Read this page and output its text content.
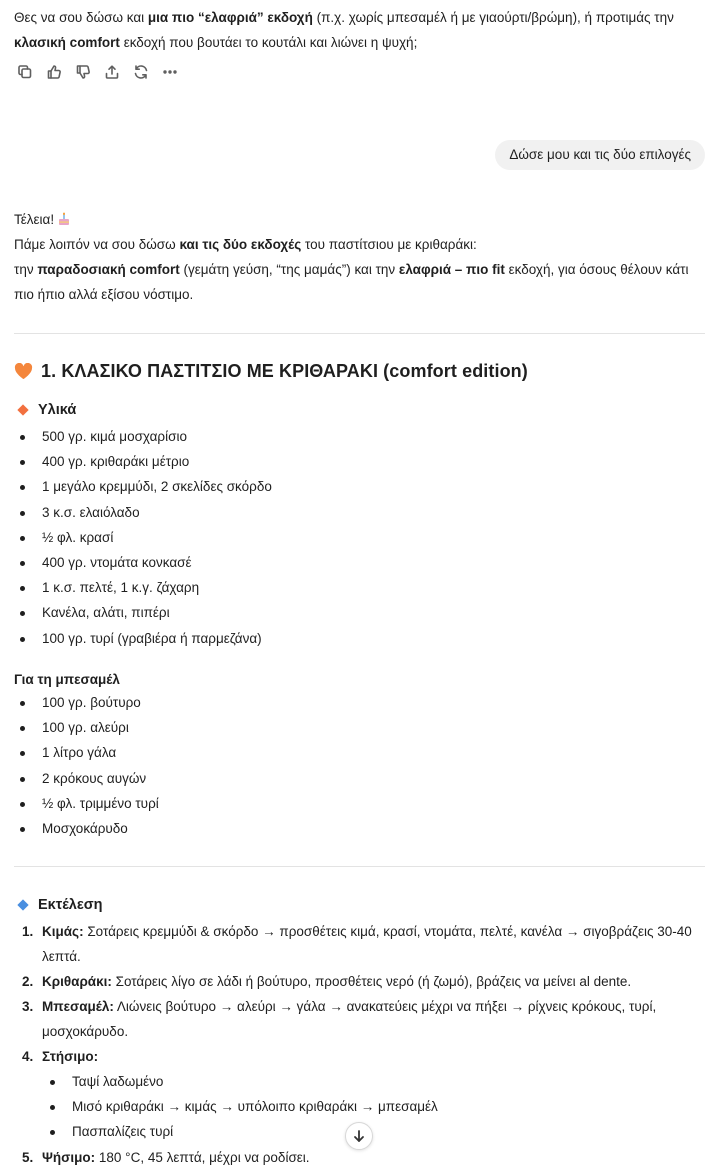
Θες να σου δώσω και μια πιο “ελαφριά” εκδοχή (π.χ. χωρίς μπεσαμέλ ή με γιαούρτι/βρώμη), ή προτιμάς την κλασική comfort εκδοχή που βουτάει το κουτάλι και λιώνει η ψυχή;

Δώσε μου και τις δύο επιλογές

Τέλεια!

Πάμε λοιπόν να σου δώσω και τις δύο εκδοχές του παστίτσιου με κριθαράκι:

την παραδοσιακή comfort (γεμάτη γεύση, “της μαμάς”) και την ελαφριά – πιο fit εκδοχή, για όσους θέλουν κάτι πιο ήπιο αλλά εξίσου νόστιμο.

1. ΚΛΑΣΙΚΟ ΠΑΣΤΙΤΣΙΟ ΜΕ ΚΡΙΘΑΡΑΚΙ (comfort edition)
Υλικά
500 γρ. κιμά μοσχαρίσιο
400 γρ. κριθαράκι μέτριο
1 μεγάλο κρεμμύδι, 2 σκελίδες σκόρδο
3 κ.σ. ελαιόλαδο
½ φλ. κρασί
400 γρ. ντομάτα κονκασέ
1 κ.σ. πελτέ, 1 κ.γ. ζάχαρη
Κανέλα, αλάτι, πιπέρι
100 γρ. τυρί (γραβιέρα ή παρμεζάνα)
Για τη μπεσαμέλ
100 γρ. βούτυρο
100 γρ. αλεύρι
1 λίτρο γάλα
2 κρόκους αυγών
½ φλ. τριμμένο τυρί
Μοσχοκάρυδο
Εκτέλεση
1. Κιμάς: Σοτάρεις κρεμμύδι & σκόρδο → προσθέτεις κιμά, κρασί, ντομάτα, πελτέ, κανέλα → σιγοβράζεις 30-40 λεπτά.
2. Κριθαράκι: Σοτάρεις λίγο σε λάδι ή βούτυρο, προσθέτεις νερό (ή ζωμό), βράζεις να μείνει al dente.
3. Μπεσαμέλ: Λιώνεις βούτυρο → αλεύρι → γάλα → ανακατεύεις μέχρι να πήξει → ρίχνεις κρόκους, τυρί, μοσχοκάρυδο.
4. Στήσιμο:
Ταψί λαδωμένο
Μισό κριθαράκι → κιμάς → υπόλοιπο κριθαράκι → μπεσαμέλ
Πασπαλίζεις τυρί
5. Ψήσιμο: 180 °C, 45 λεπτά, μέχρι να ροδίσει.
